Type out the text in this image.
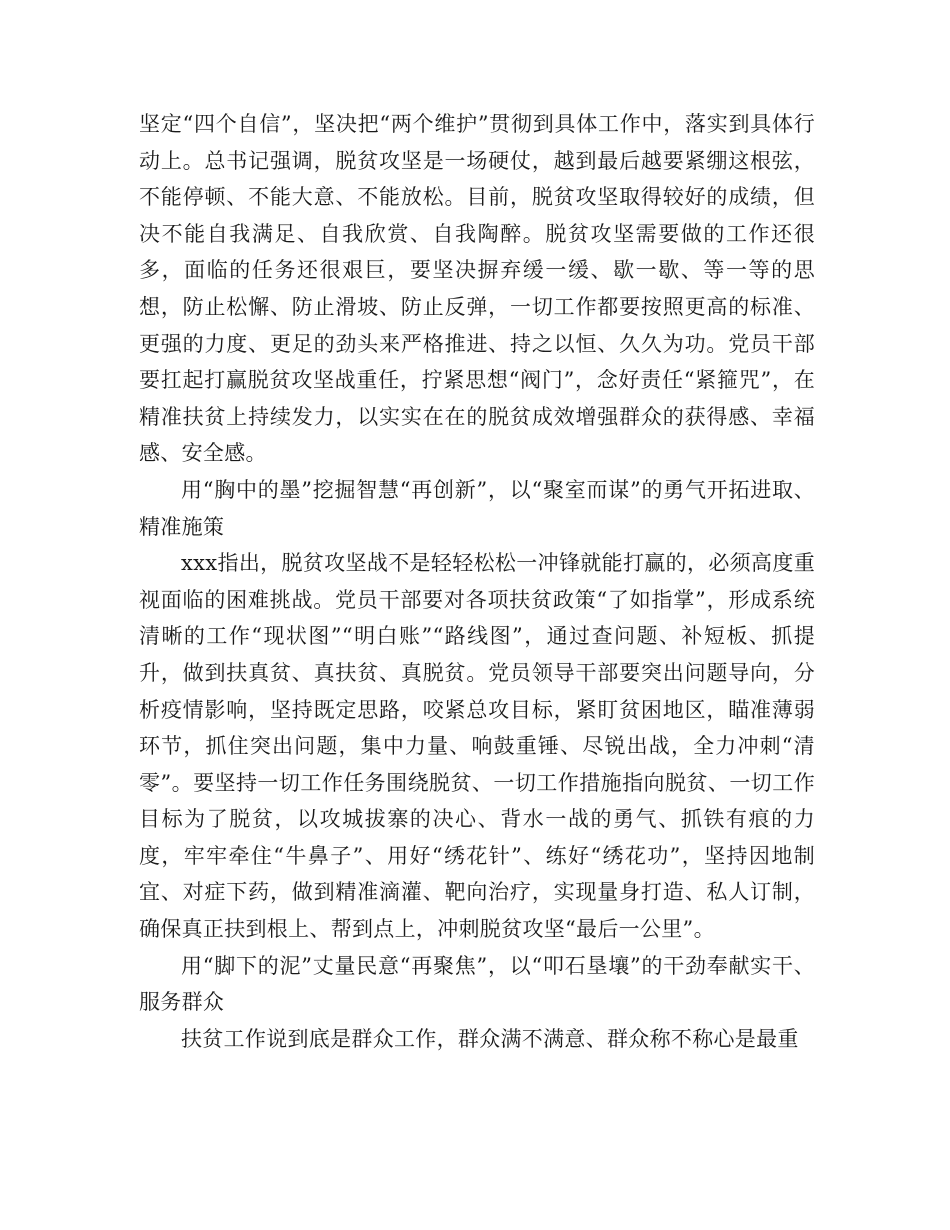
坚定“四个自信”，坚决把“两个维护”贯彻到具体工作中，落实到具体行动上。总书记强调，脱贫攻坚是一场硬仗，越到最后越要紧绷这根弦，不能停顿、不能大意、不能放松。目前，脱贫攻坚取得较好的成绩，但决不能自我满足、自我欣赏、自我陶醉。脱贫攻坚需要做的工作还很多，面临的任务还很艰巨，要坚决摒弃缓一缓、歇一歇、等一等的思想，防止松懈、防止滑坡、防止反弹，一切工作都要按照更高的标准、更强的力度、更足的劲头来严格推进、持之以恒、久久为功。党员干部要扛起打赢脱贫攻坚战重任，拧紧思想“阀门”，念好责任“紧箍咒”，在精准扶贫上持续发力，以实实在在的脱贫成效增强群众的获得感、幸福感、安全感。

用“胸中的墨”挖掘智慧“再创新”，以“聚室而谋”的勇气开拓进取、精准施策

xxx指出，脱贫攻坚战不是轻轻松松一冲锋就能打赢的，必须高度重视面临的困难挑战。党员干部要对各项扶贫政策“了如指掌”，形成系统清晰的工作“现状图”“明白账”“路线图”，通过查问题、补短板、抓提升，做到扶真贫、真扶贫、真脱贫。党员领导干部要突出问题导向，分析疫情影响，坚持既定思路，咬紧总攻目标，紧盯贫困地区，瞄准薄弱环节，抓住突出问题，集中力量、响鼓重锤、尽锐出战，全力冲刺“清零”。要坚持一切工作任务围绕脱贫、一切工作措施指向脱贫、一切工作目标为了脱贫，以攻城拔寨的决心、背水一战的勇气、抓铁有痕的力度，牢牢牵住“牛鼻子”、用好“绣花针”、练好“绣花功”，坚持因地制宜、对症下药，做到精准滴灌、靶向治疗，实现量身打造、私人订制，确保真正扶到根上、帮到点上，冲刺脱贫攻坚“最后一公里”。

用“脚下的泥”丈量民意“再聚焦”，以“叩石垦壤”的干劲奉献实干、服务群众

扶贫工作说到底是群众工作，群众满不满意、群众称不称心是最重
